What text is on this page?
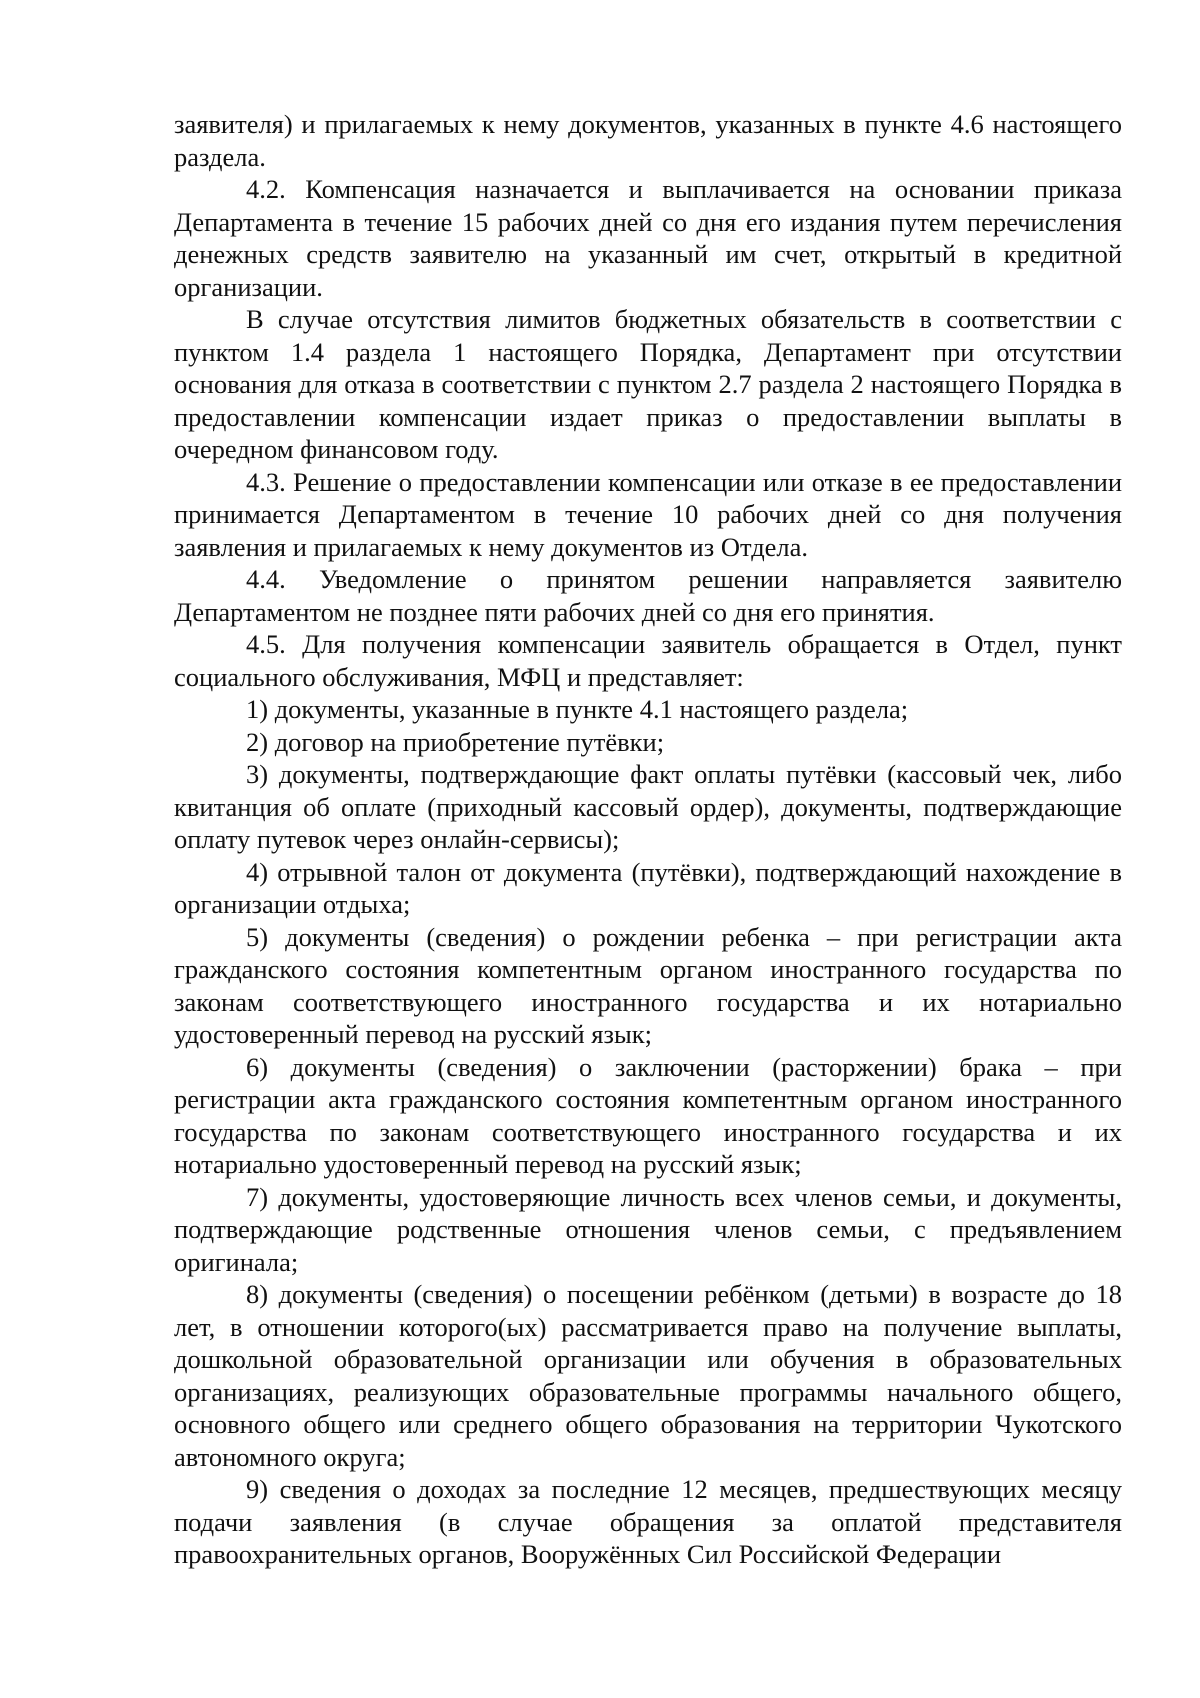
заявителя) и прилагаемых к нему документов, указанных в пункте 4.6 настоящего раздела.

4.2. Компенсация назначается и выплачивается на основании приказа Департамента в течение 15 рабочих дней со дня его издания путем перечисления денежных средств заявителю на указанный им счет, открытый в кредитной организации.

В случае отсутствия лимитов бюджетных обязательств в соответствии с пунктом 1.4 раздела 1 настоящего Порядка, Департамент при отсутствии основания для отказа в соответствии с пунктом 2.7 раздела 2 настоящего Порядка в предоставлении компенсации издает приказ о предоставлении выплаты в очередном финансовом году.

4.3. Решение о предоставлении компенсации или отказе в ее предоставлении принимается Департаментом в течение 10 рабочих дней со дня получения заявления и прилагаемых к нему документов из Отдела.

4.4. Уведомление о принятом решении направляется заявителю Департаментом не позднее пяти рабочих дней со дня его принятия.

4.5. Для получения компенсации заявитель обращается в Отдел, пункт социального обслуживания, МФЦ и представляет:

1) документы, указанные в пункте 4.1 настоящего раздела;

2) договор на приобретение путёвки;

3) документы, подтверждающие факт оплаты путёвки (кассовый чек, либо квитанция об оплате (приходный кассовый ордер), документы, подтверждающие оплату путевок через онлайн-сервисы);

4) отрывной талон от документа (путёвки), подтверждающий нахождение в организации отдыха;

5) документы (сведения) о рождении ребенка – при регистрации акта гражданского состояния компетентным органом иностранного государства по законам соответствующего иностранного государства и их нотариально удостоверенный перевод на русский язык;

6) документы (сведения) о заключении (расторжении) брака – при регистрации акта гражданского состояния компетентным органом иностранного государства по законам соответствующего иностранного государства и их нотариально удостоверенный перевод на русский язык;

7) документы, удостоверяющие личность всех членов семьи, и документы, подтверждающие родственные отношения членов семьи, с предъявлением оригинала;

8) документы (сведения) о посещении ребёнком (детьми) в возрасте до 18 лет, в отношении которого(ых) рассматривается право на получение выплаты, дошкольной образовательной организации или обучения в образовательных организациях, реализующих образовательные программы начального общего, основного общего или среднего общего образования на территории Чукотского автономного округа;

9) сведения о доходах за последние 12 месяцев, предшествующих месяцу подачи заявления (в случае обращения за оплатой представителя правоохранительных органов, Вооружённых Сил Российской Федерации
